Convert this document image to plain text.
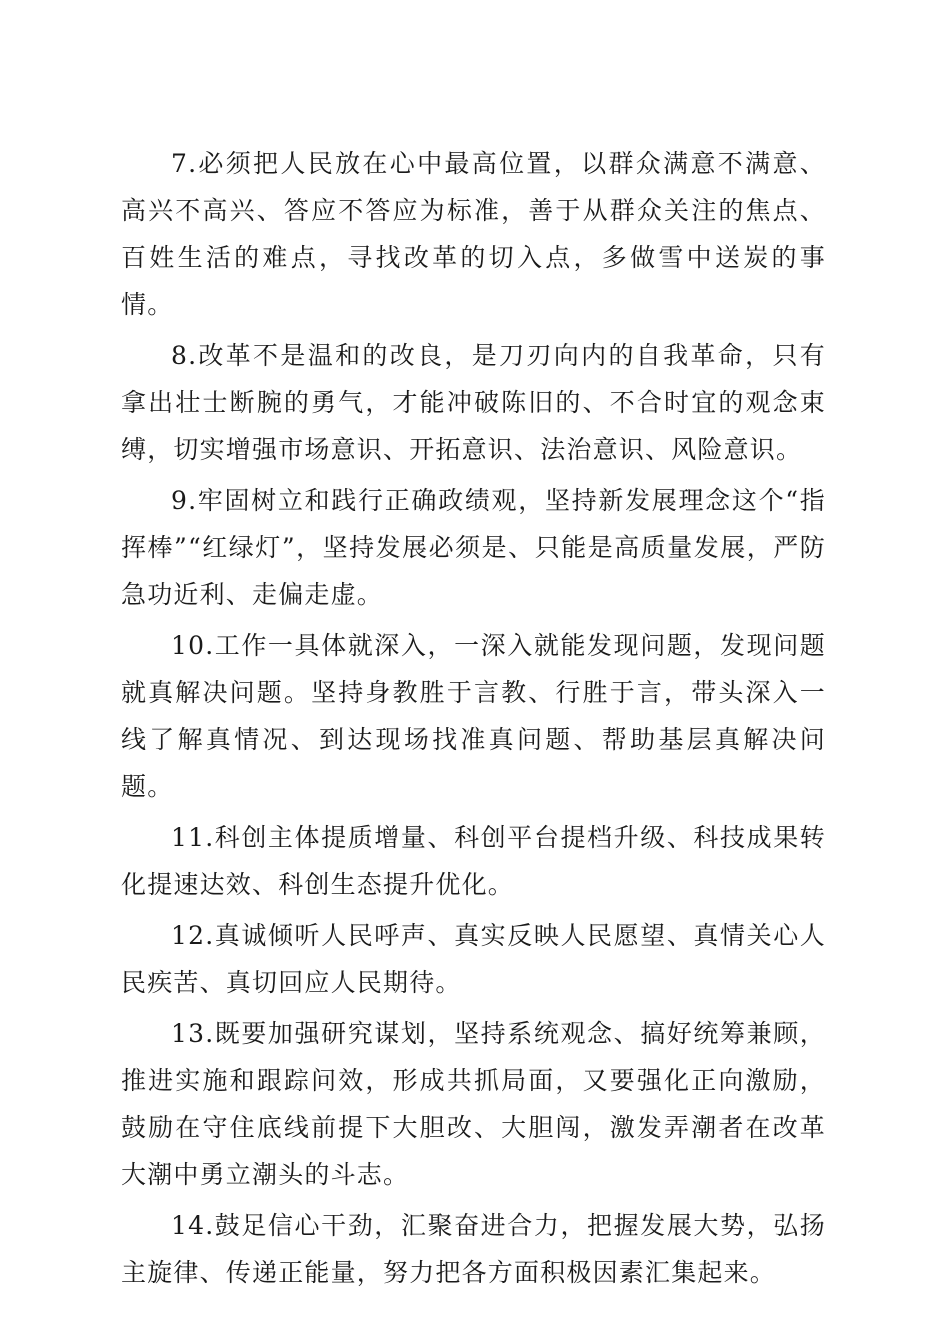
7.必须把人民放在心中最高位置，以群众满意不满意、高兴不高兴、答应不答应为标准，善于从群众关注的焦点、百姓生活的难点，寻找改革的切入点，多做雪中送炭的事情。

8.改革不是温和的改良，是刀刃向内的自我革命，只有拿出壮士断腕的勇气，才能冲破陈旧的、不合时宜的观念束缚，切实增强市场意识、开拓意识、法治意识、风险意识。

9.牢固树立和践行正确政绩观，坚持新发展理念这个“指挥棒”“红绿灯”，坚持发展必须是、只能是高质量发展，严防急功近利、走偏走虚。

10.工作一具体就深入，一深入就能发现问题，发现问题就真解决问题。坚持身教胜于言教、行胜于言，带头深入一线了解真情况、到达现场找准真问题、帮助基层真解决问题。

11.科创主体提质增量、科创平台提档升级、科技成果转化提速达效、科创生态提升优化。

12.真诚倾听人民呼声、真实反映人民愿望、真情关心人民疾苦、真切回应人民期待。

13.既要加强研究谋划，坚持系统观念、搞好统筹兼顾，推进实施和跟踪问效，形成共抓局面，又要强化正向激励，鼓励在守住底线前提下大胆改、大胆闯，激发弄潮者在改革大潮中勇立潮头的斗志。

14.鼓足信心干劲，汇聚奋进合力，把握发展大势，弘扬主旋律、传递正能量，努力把各方面积极因素汇集起来。
